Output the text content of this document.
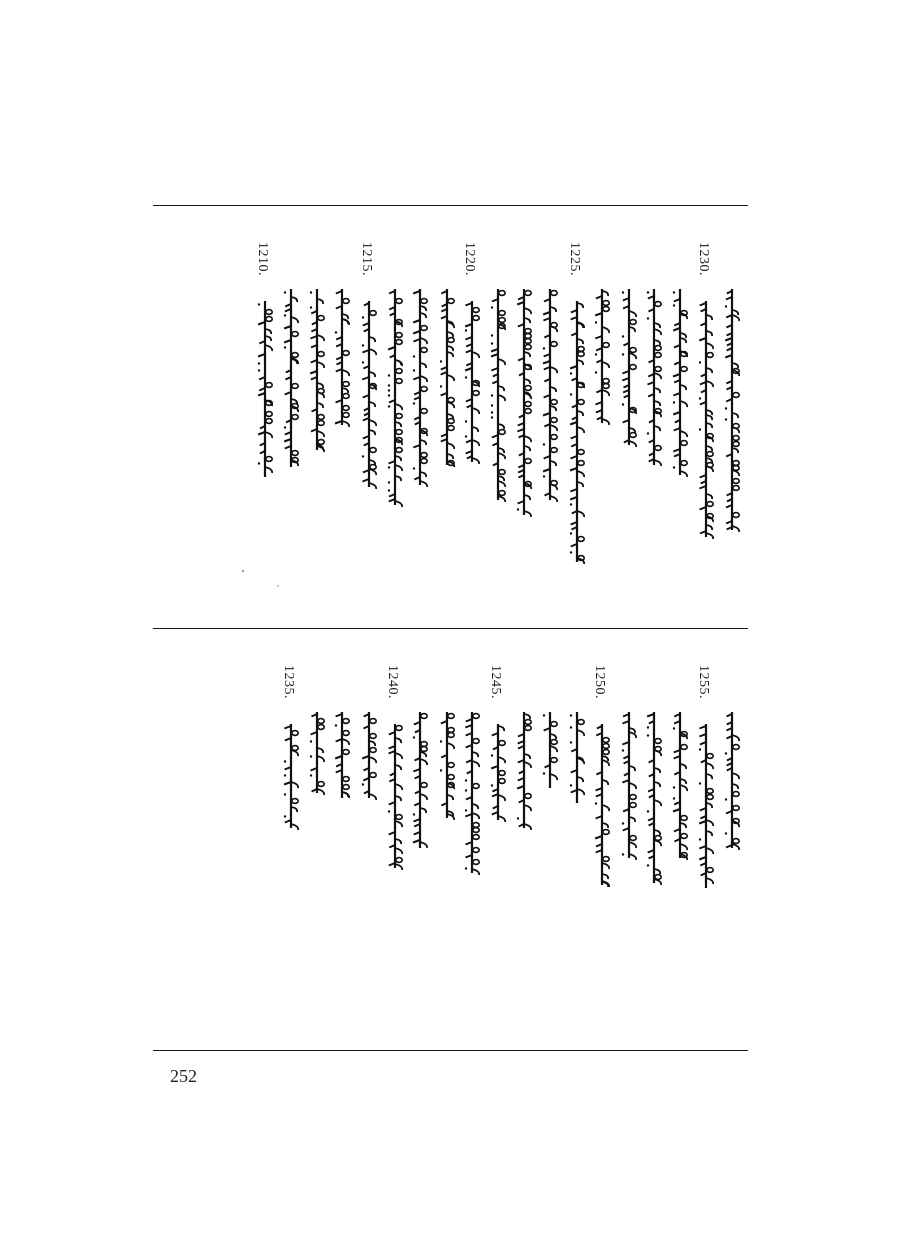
1230.
1225.
1220.
1215.
1210.
1255.
1250.
1245.
1240.
1235.
252
